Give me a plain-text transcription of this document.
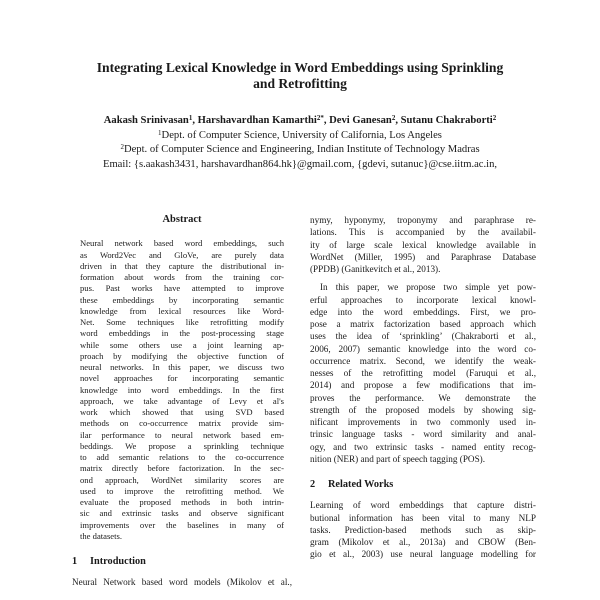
Integrating Lexical Knowledge in Word Embeddings using Sprinkling
and Retrofitting
Aakash Srinivasan$^1$, Harshavardhan Kamarthi$^{2*}$, Devi Ganesan$^2$, Sutanu Chakraborti$^2$
$^1$Dept. of Computer Science, University of California, Los Angeles
$^2$Dept. of Computer Science and Engineering, Indian Institute of Technology Madras
Email: {s.aakash3431, harshavardhan864.hk}@gmail.com, {gdevi, sutanuc}@cse.iitm.ac.in,
Abstract
Neural network based word embeddings, such
as Word2Vec and GloVe, are purely data
driven in that they capture the distributional in-
formation about words from the training cor-
pus. Past works have attempted to improve
these embeddings by incorporating semantic
knowledge from lexical resources like Word-
Net. Some techniques like retrofitting modify
word embeddings in the post-processing stage
while some others use a joint learning ap-
proach by modifying the objective function of
neural networks. In this paper, we discuss two
novel approaches for incorporating semantic
knowledge into word embeddings. In the first
approach, we take advantage of Levy et al's
work which showed that using SVD based
methods on co-occurrence matrix provide sim-
ilar performance to neural network based em-
beddings. We propose a sprinkling technique
to add semantic relations to the co-occurrence
matrix directly before factorization. In the sec-
ond approach, WordNet similarity scores are
used to improve the retrofitting method. We
evaluate the proposed methods in both intrin-
sic and extrinsic tasks and observe significant
improvements over the baselines in many of
the datasets.
1 Introduction
Neural Network based word models (Mikolov et al.,
nymy, hyponymy, troponymy and paraphrase re-
lations. This is accompanied by the availabil-
ity of large scale lexical knowledge available in
WordNet (Miller, 1995) and Paraphrase Database
(PPDB) (Ganitkevitch et al., 2013).
In this paper, we propose two simple yet pow-
erful approaches to incorporate lexical knowl-
edge into the word embeddings. First, we pro-
pose a matrix factorization based approach which
uses the idea of ‘sprinkling’ (Chakraborti et al.,
2006, 2007) semantic knowledge into the word co-
occurrence matrix. Second, we identify the weak-
nesses of the retrofitting model (Faruqui et al.,
2014) and propose a few modifications that im-
proves the performance. We demonstrate the
strength of the proposed models by showing sig-
nificant improvements in two commonly used in-
trinsic language tasks - word similarity and anal-
ogy, and two extrinsic tasks - named entity recog-
nition (NER) and part of speech tagging (POS).
2 Related Works
Learning of word embeddings that capture distri-
butional information has been vital to many NLP
tasks. Prediction-based methods such as skip-
gram (Mikolov et al., 2013a) and CBOW (Ben-
gio et al., 2003) use neural language modelling for
